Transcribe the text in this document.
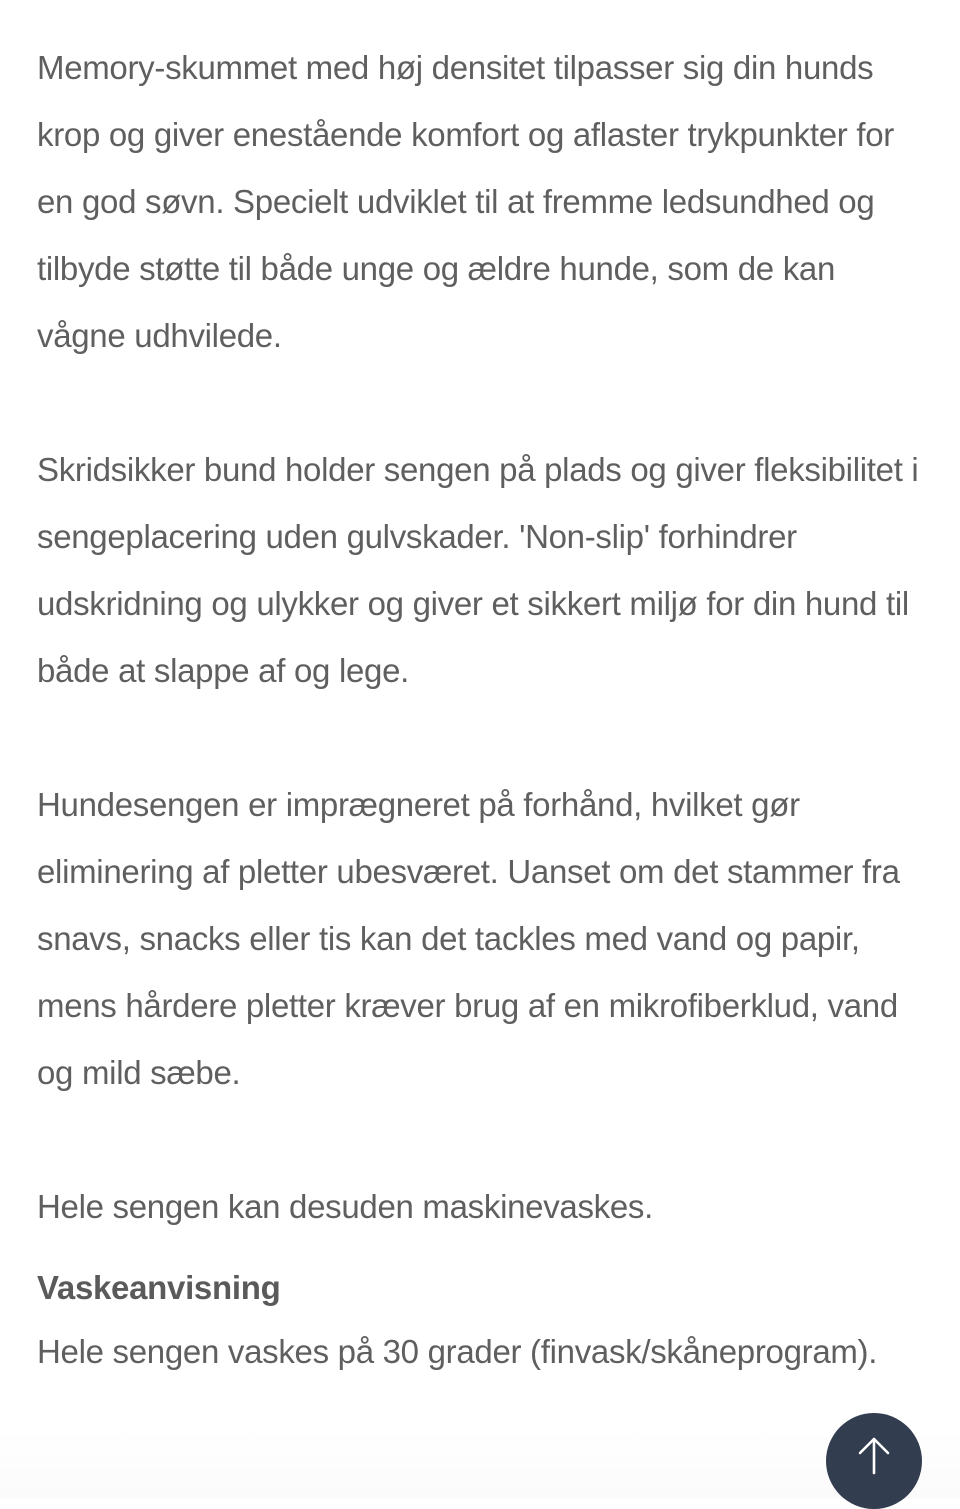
Memory-skummet med høj densitet tilpasser sig din hunds krop og giver enestående komfort og aflaster trykpunkter for en god søvn. Specielt udviklet til at fremme ledsundhed og tilbyde støtte til både unge og ældre hunde, som de kan vågne udhvilede.

Skridsikker bund holder sengen på plads og giver fleksibilitet i sengeplacering uden gulvskader. 'Non-slip' forhindrer udskridning og ulykker og giver et sikkert miljø for din hund til både at slappe af og lege.

Hundesengen er imprægneret på forhånd, hvilket gør eliminering af pletter ubesværet. Uanset om det stammer fra snavs, snacks eller tis kan det tackles med vand og papir, mens hårdere pletter kræver brug af en mikrofiberklud, vand og mild sæbe.

Hele sengen kan desuden maskinevaskes.

Vaskeanvisning

Hele sengen vaskes på 30 grader (finvask/skåneprogram).
